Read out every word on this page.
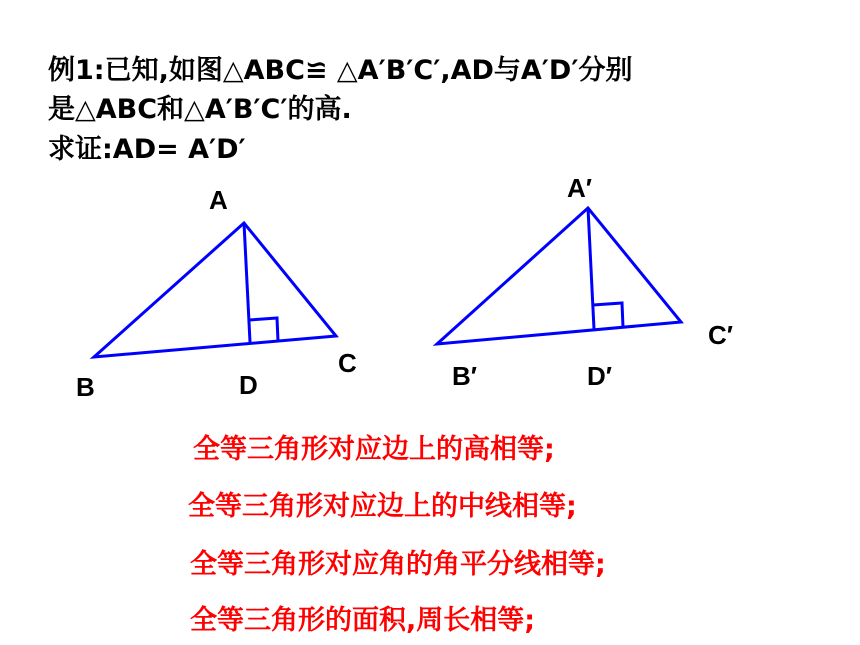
例1:已知,如图△ABC≌ △A′B′C′,AD与A′D′分别
是△ABC和△A′B′C′的高.
求证:AD= A′D′
A
B
C
D
A′
B′
C′
D′
全等三角形对应边上的高相等;
全等三角形对应边上的中线相等;
全等三角形对应角的角平分线相等;
全等三角形的面积,周长相等;
